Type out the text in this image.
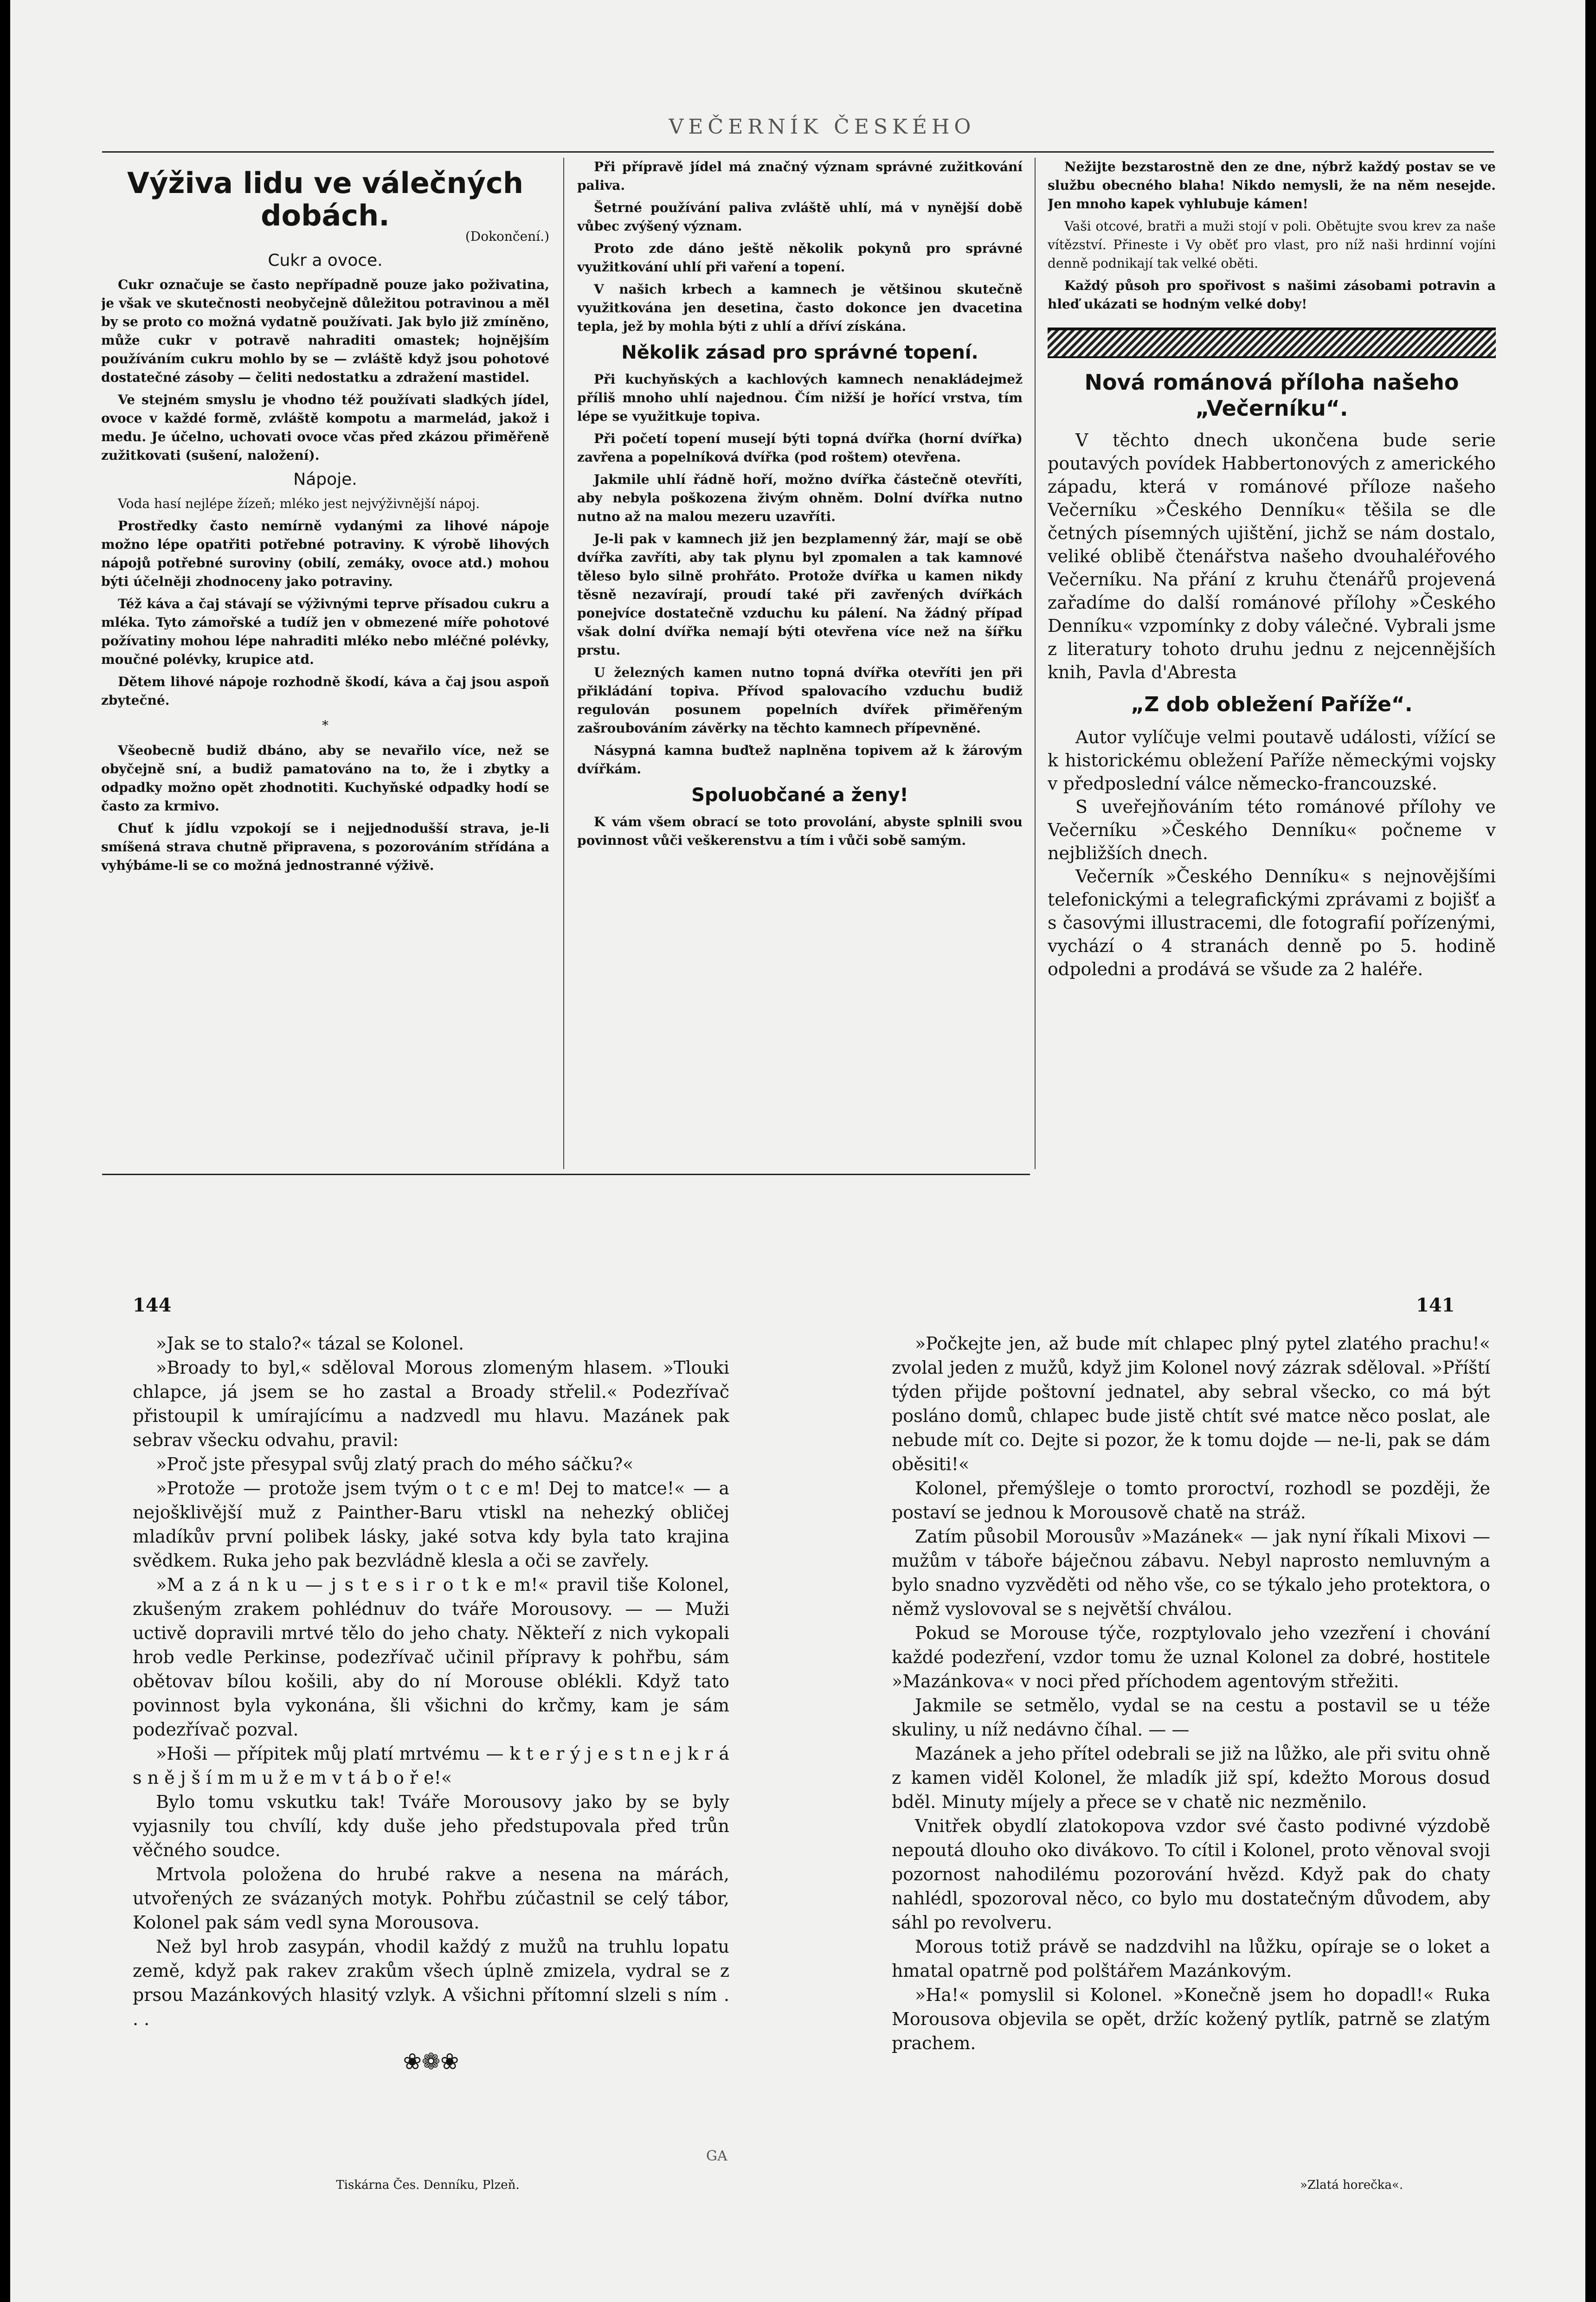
VEČERNÍK ČESKÉHO
Výživa lidu ve válečných dobách.
(Dokončení.)
Cukr a ovoce.

Cukr označuje se často nepřípadně pouze jako poživatina, je však ve skutečnosti neobyčejně důležitou potravinou a měl by se proto co možná vydatně používati. Jak bylo již zmíněno, může cukr v potravě nahraditi omastek; hojnějším používáním cukru mohlo by se — zvláště když jsou pohotové dostatečné zásoby — čeliti nedostatku a zdražení mastidel.

Ve stejném smyslu je vhodno též používati sladkých jídel, ovoce v každé formě, zvláště kompotu a marmelád, jakož i medu. Je účelno, uchovati ovoce včas před zkázou přiměřeně zužitkovati (sušení, naložení).

Nápoje.

Voda hasí nejlépe žízeň; mléko jest nejvýživnější nápoj.

Prostředky často nemírně vydanými za lihové nápoje možno lépe opatřiti potřebné potraviny. K výrobě lihových nápojů potřebné suroviny (obilí, zemáky, ovoce atd.) mohou býti účelněji zhodnoceny jako potraviny.

Též káva a čaj stávají se výživnými teprve přísadou cukru a mléka. Tyto zámořské a tudíž jen v obmezené míře pohotové požívatiny mohou lépe nahraditi mléko nebo mléčné polévky, moučné polévky, krupice atd.

Dětem lihové nápoje rozhodně škodí, káva a čaj jsou aspoň zbytečné.

*

Všeobecně budiž dbáno, aby se nevařilo více, než se obyčejně sní, a budiž pamatováno na to, že i zbytky a odpadky možno opět zhodnotiti. Kuchyňské odpadky hodí se často za krmivo.

Chuť k jídlu vzpokojí se i nejjednodušší strava, je-li smíšená strava chutně připravena, s pozorováním střídána a vyhýbáme-li se co možná jednostranné výživě.

Při přípravě jídel má značný význam správné zužitkování paliva.

Šetrné používání paliva zvláště uhlí, má v nynější době vůbec zvýšený význam.

Proto zde dáno ještě několik pokynů pro správné využitkování uhlí při vaření a topení.

V našich krbech a kamnech je většinou skutečně využitkována jen desetina, často dokonce jen dvacetina tepla, jež by mohla býti z uhlí a dříví získána.

Několik zásad pro správné topení.

Při kuchyňských a kachlových kamnech nenakládejmež příliš mnoho uhlí najednou. Čím nižší je hořící vrstva, tím lépe se využitkuje topiva.

Při početí topení musejí býti topná dvířka (horní dvířka) zavřena a popelníková dvířka (pod roštem) otevřena.

Jakmile uhlí řádně hoří, možno dvířka částečně otevříti, aby nebyla poškozena živým ohněm. Dolní dvířka nutno nutno až na malou mezeru uzavříti.

Je-li pak v kamnech již jen bezplamenný žár, mají se obě dvířka zavříti, aby tak plynu byl zpomalen a tak kamnové těleso bylo silně prohřáto. Protože dvířka u kamen nikdy těsně nezavírají, proudí také při zavřených dvířkách ponejvíce dostatečně vzduchu ku pálení. Na žádný případ však dolní dvířka nemají býti otevřena více než na šířku prstu.

U železných kamen nutno topná dvířka otevříti jen při přikládání topiva. Přívod spalovacího vzduchu budiž regulován posunem popelních dvířek přiměřeným zašroubováním závěrky na těchto kamnech přípevněné.

Násypná kamna buďtež naplněna topivem až k žárovým dvířkám.

Spoluobčané a ženy!

K vám všem obrací se toto provolání, abyste splnili svou povinnost vůči veškerenstvu a tím i vůči sobě samým.

Nežijte bezstarostně den ze dne, nýbrž každý postav se ve službu obecného blaha! Nikdo nemysli, že na něm nesejde. Jen mnoho kapek vyhlubuje kámen!

Vaši otcové, bratři a muži stojí v poli. Obětujte svou krev za naše vítězství. Přineste i Vy oběť pro vlast, pro níž naši hrdinní vojíni denně podnikají tak velké oběti.

Každý půsoh pro spořivost s našimi zásobami potravin a hleď ukázati se hodným velké doby!

Nová románová příloha našeho „Večerníku“.

V těchto dnech ukončena bude serie poutavých povídek Habbertonových z amerického západu, která v románové příloze našeho Večerníku »Českého Denníku« těšila se dle četných písemných ujištění, jichž se nám dostalo, veliké oblibě čtenářstva našeho dvouhaléřového Večerníku. Na přání z kruhu čtenářů projevená zařadíme do další románové přílohy »Českého Denníku« vzpomínky z doby válečné. Vybrali jsme z literatury tohoto druhu jednu z nejcennějších knih, Pavla d'Abresta

„Z dob obležení Paříže“.

Autor vylíčuje velmi poutavě události, vížící se k historickému obležení Paříže německými vojsky v předposlední válce německo-francouzské.

S uveřejňováním této románové přílohy ve Večerníku »Českého Denníku« počneme v nejbližších dnech.

Večerník »Českého Denníku« s nejnovějšími telefonickými a telegrafickými zprávami z bojišť a s časovými illustracemi, dle fotografií pořízenými, vychází o 4 stranách denně po 5. hodině odpoledni a prodává se všude za 2 haléře.

144

»Jak se to stalo?« tázal se Kolonel.

»Broady to byl,« sděloval Morous zlomeným hlasem. »Tlouki chlapce, já jsem se ho zastal a Broady střelil.« Podezřívač přistoupil k umírajícímu a nadzvedl mu hlavu. Mazánek pak sebrav všecku odvahu, pravil:

»Proč jste přesypal svůj zlatý prach do mého sáčku?«

»Protože — protože jsem tvým o t c e m! Dej to matce!« — a nejošklivější muž z Painther-Baru vtiskl na nehezký obličej mladíkův první polibek lásky, jaké sotva kdy byla tato krajina svědkem. Ruka jeho pak bezvládně klesla a oči se zavřely.

»M a z á n k u — j s t e s i r o t k e m!« pravil tiše Kolonel, zkušeným zrakem pohlédnuv do tváře Morousovy. — — Muži uctivě dopravili mrtvé tělo do jeho chaty. Někteří z nich vykopali hrob vedle Perkinse, podezřívač učinil přípravy k pohřbu, sám obětovav bílou košili, aby do ní Morouse oblékli. Když tato povinnost byla vykonána, šli všichni do krčmy, kam je sám podezřívač pozval.

»Hoši — přípitek můj platí mrtvému — k t e r ý j e s t n e j k r á s n ě j š í m m u ž e m v t á b o ř e!«

Bylo tomu vskutku tak! Tváře Morousovy jako by se byly vyjasnily tou chvílí, kdy duše jeho předstupovala před trůn věčného soudce.

Mrtvola položena do hrubé rakve a nesena na márách, utvořených ze svázaných motyk. Pohřbu zúčastnil se celý tábor, Kolonel pak sám vedl syna Morousova.

Než byl hrob zasypán, vhodil každý z mužů na truhlu lopatu země, když pak rakev zrakům všech úplně zmizela, vydral se z prsou Mazánkových hlasitý vzlyk. A všichni přítomní slzeli s ním . . .

❀❁❀
Tiskárna Čes. Denníku, Plzeň.
141

»Počkejte jen, až bude mít chlapec plný pytel zlatého prachu!« zvolal jeden z mužů, když jim Kolonel nový zázrak sděloval. »Příští týden přijde poštovní jednatel, aby sebral všecko, co má být posláno domů, chlapec bude jistě chtít své matce něco poslat, ale nebude mít co. Dejte si pozor, že k tomu dojde — ne-li, pak se dám oběsiti!«

Kolonel, přemýšleje o tomto proroctví, rozhodl se později, že postaví se jednou k Morousově chatě na stráž.

Zatím působil Morousův »Mazánek« — jak nyní říkali Mixovi — mužům v táboře báječnou zábavu. Nebyl naprosto nemluvným a bylo snadno vyzvěděti od něho vše, co se týkalo jeho protektora, o němž vyslovoval se s největší chválou.

Pokud se Morouse týče, rozptylovalo jeho vzezření i chování každé podezření, vzdor tomu že uznal Kolonel za dobré, hostitele »Mazánkova« v noci před příchodem agentovým střežiti.

Jakmile se setmělo, vydal se na cestu a postavil se u téže skuliny, u níž nedávno číhal. — —

Mazánek a jeho přítel odebrali se již na lůžko, ale při svitu ohně z kamen viděl Kolonel, že mladík již spí, kdežto Morous dosud bděl. Minuty míjely a přece se v chatě nic nezměnilo.

Vnitřek obydlí zlatokopova vzdor své často podivné výzdobě nepoutá dlouho oko divákovo. To cítil i Kolonel, proto věnoval svoji pozornost nahodilému pozorování hvězd. Když pak do chaty nahlédl, spozoroval něco, co bylo mu dostatečným důvodem, aby sáhl po revolveru.

Morous totiž právě se nadzdvihl na lůžku, opíraje se o loket a hmatal opatrně pod polštářem Mazánkovým.

»Ha!« pomyslil si Kolonel. »Konečně jsem ho dopadl!« Ruka Morousova objevila se opět, držíc kožený pytlík, patrně se zlatým prachem.

»Zlatá horečka«.
GA
